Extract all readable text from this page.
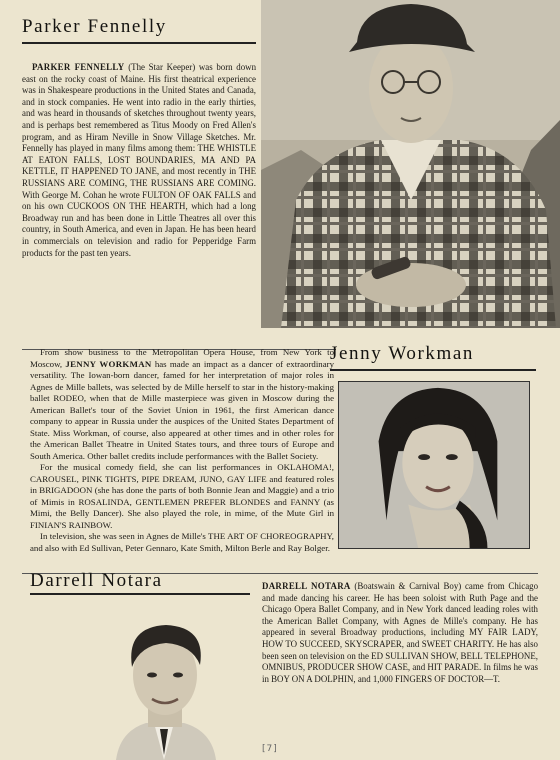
Parker Fennelly

PARKER FENNELLY (The Star Keeper) was born down east on the rocky coast of Maine. His first theatrical experience was in Shakespeare productions in the United States and Canada, and in stock companies. He went into radio in the early thirties, and was heard in thousands of sketches throughout twenty years, and is perhaps best remembered as Titus Moody on Fred Allen's program, and as Hiram Neville in Snow Village Sketches. Mr. Fennelly has played in many films among them: THE WHISTLE AT EATON FALLS, LOST BOUNDARIES, MA AND PA KETTLE, IT HAPPENED TO JANE, and most recently in THE RUSSIANS ARE COMING, THE RUSSIANS ARE COMING. With George M. Cohan he wrote FULTON OF OAK FALLS and on his own CUCKOOS ON THE HEARTH, which had a long Broadway run and has been done in Little Theatres all over this country, in South America, and even in Japan. He has been heard in commercials on television and radio for Pepperidge Farm products for the past ten years.

Jenny Workman

From show business to the Metropolitan Opera House, from New York to Moscow, JENNY WORKMAN has made an impact as a dancer of extraordinary versatility. The Iowan-born dancer, famed for her interpretation of major roles in Agnes de Mille ballets, was selected by de Mille herself to star in the history-making ballet RODEO, when that de Mille masterpiece was given in Moscow during the American Ballet's tour of the Soviet Union in 1961, the first American dance company to appear in Russia under the auspices of the United States Department of State. Miss Workman, of course, also appeared at other times and in other roles for the American Ballet Theatre in United States tours, and three tours of Europe and South America. Other ballet credits include performances with the Ballet Society.

For the musical comedy field, she can list performances in OKLAHOMA!, CAROUSEL, PINK TIGHTS, PIPE DREAM, JUNO, GAY LIFE and featured roles in BRIGADOON (she has done the parts of both Bonnie Jean and Maggie) and a trio of Mimis in ROSALINDA, GENTLEMEN PREFER BLONDES and FANNY (as Mimi, the Belly Dancer). She also played the role, in mime, of the Mute Girl in FINIAN'S RAINBOW.

In television, she was seen in Agnes de Mille's THE ART OF CHOREOGRAPHY, and also with Ed Sullivan, Peter Gennaro, Kate Smith, Milton Berle and Ray Bolger.

Darrell Notara	DARRELL NOTARA (Boatswain & Carnival Boy) came from Chicago and made dancing his career. He has been soloist with Ruth Page and the Chicago Opera Ballet Company, and in New York danced leading roles with the American Ballet Company, with Agnes de Mille's company. He has appeared in several Broadway productions, including MY FAIR LADY, HOW TO SUCCEED, SKYSCRAPER, and SWEET CHARITY. He has also been seen on television on the ED SULLIVAN SHOW, BELL TELEPHONE, OMNIBUS, PRODUCER SHOW CASE, and HIT PARADE. In films he was in BOY ON A DOLPHIN, and 1,000 FINGERS OF DOCTOR—T.

[7]
